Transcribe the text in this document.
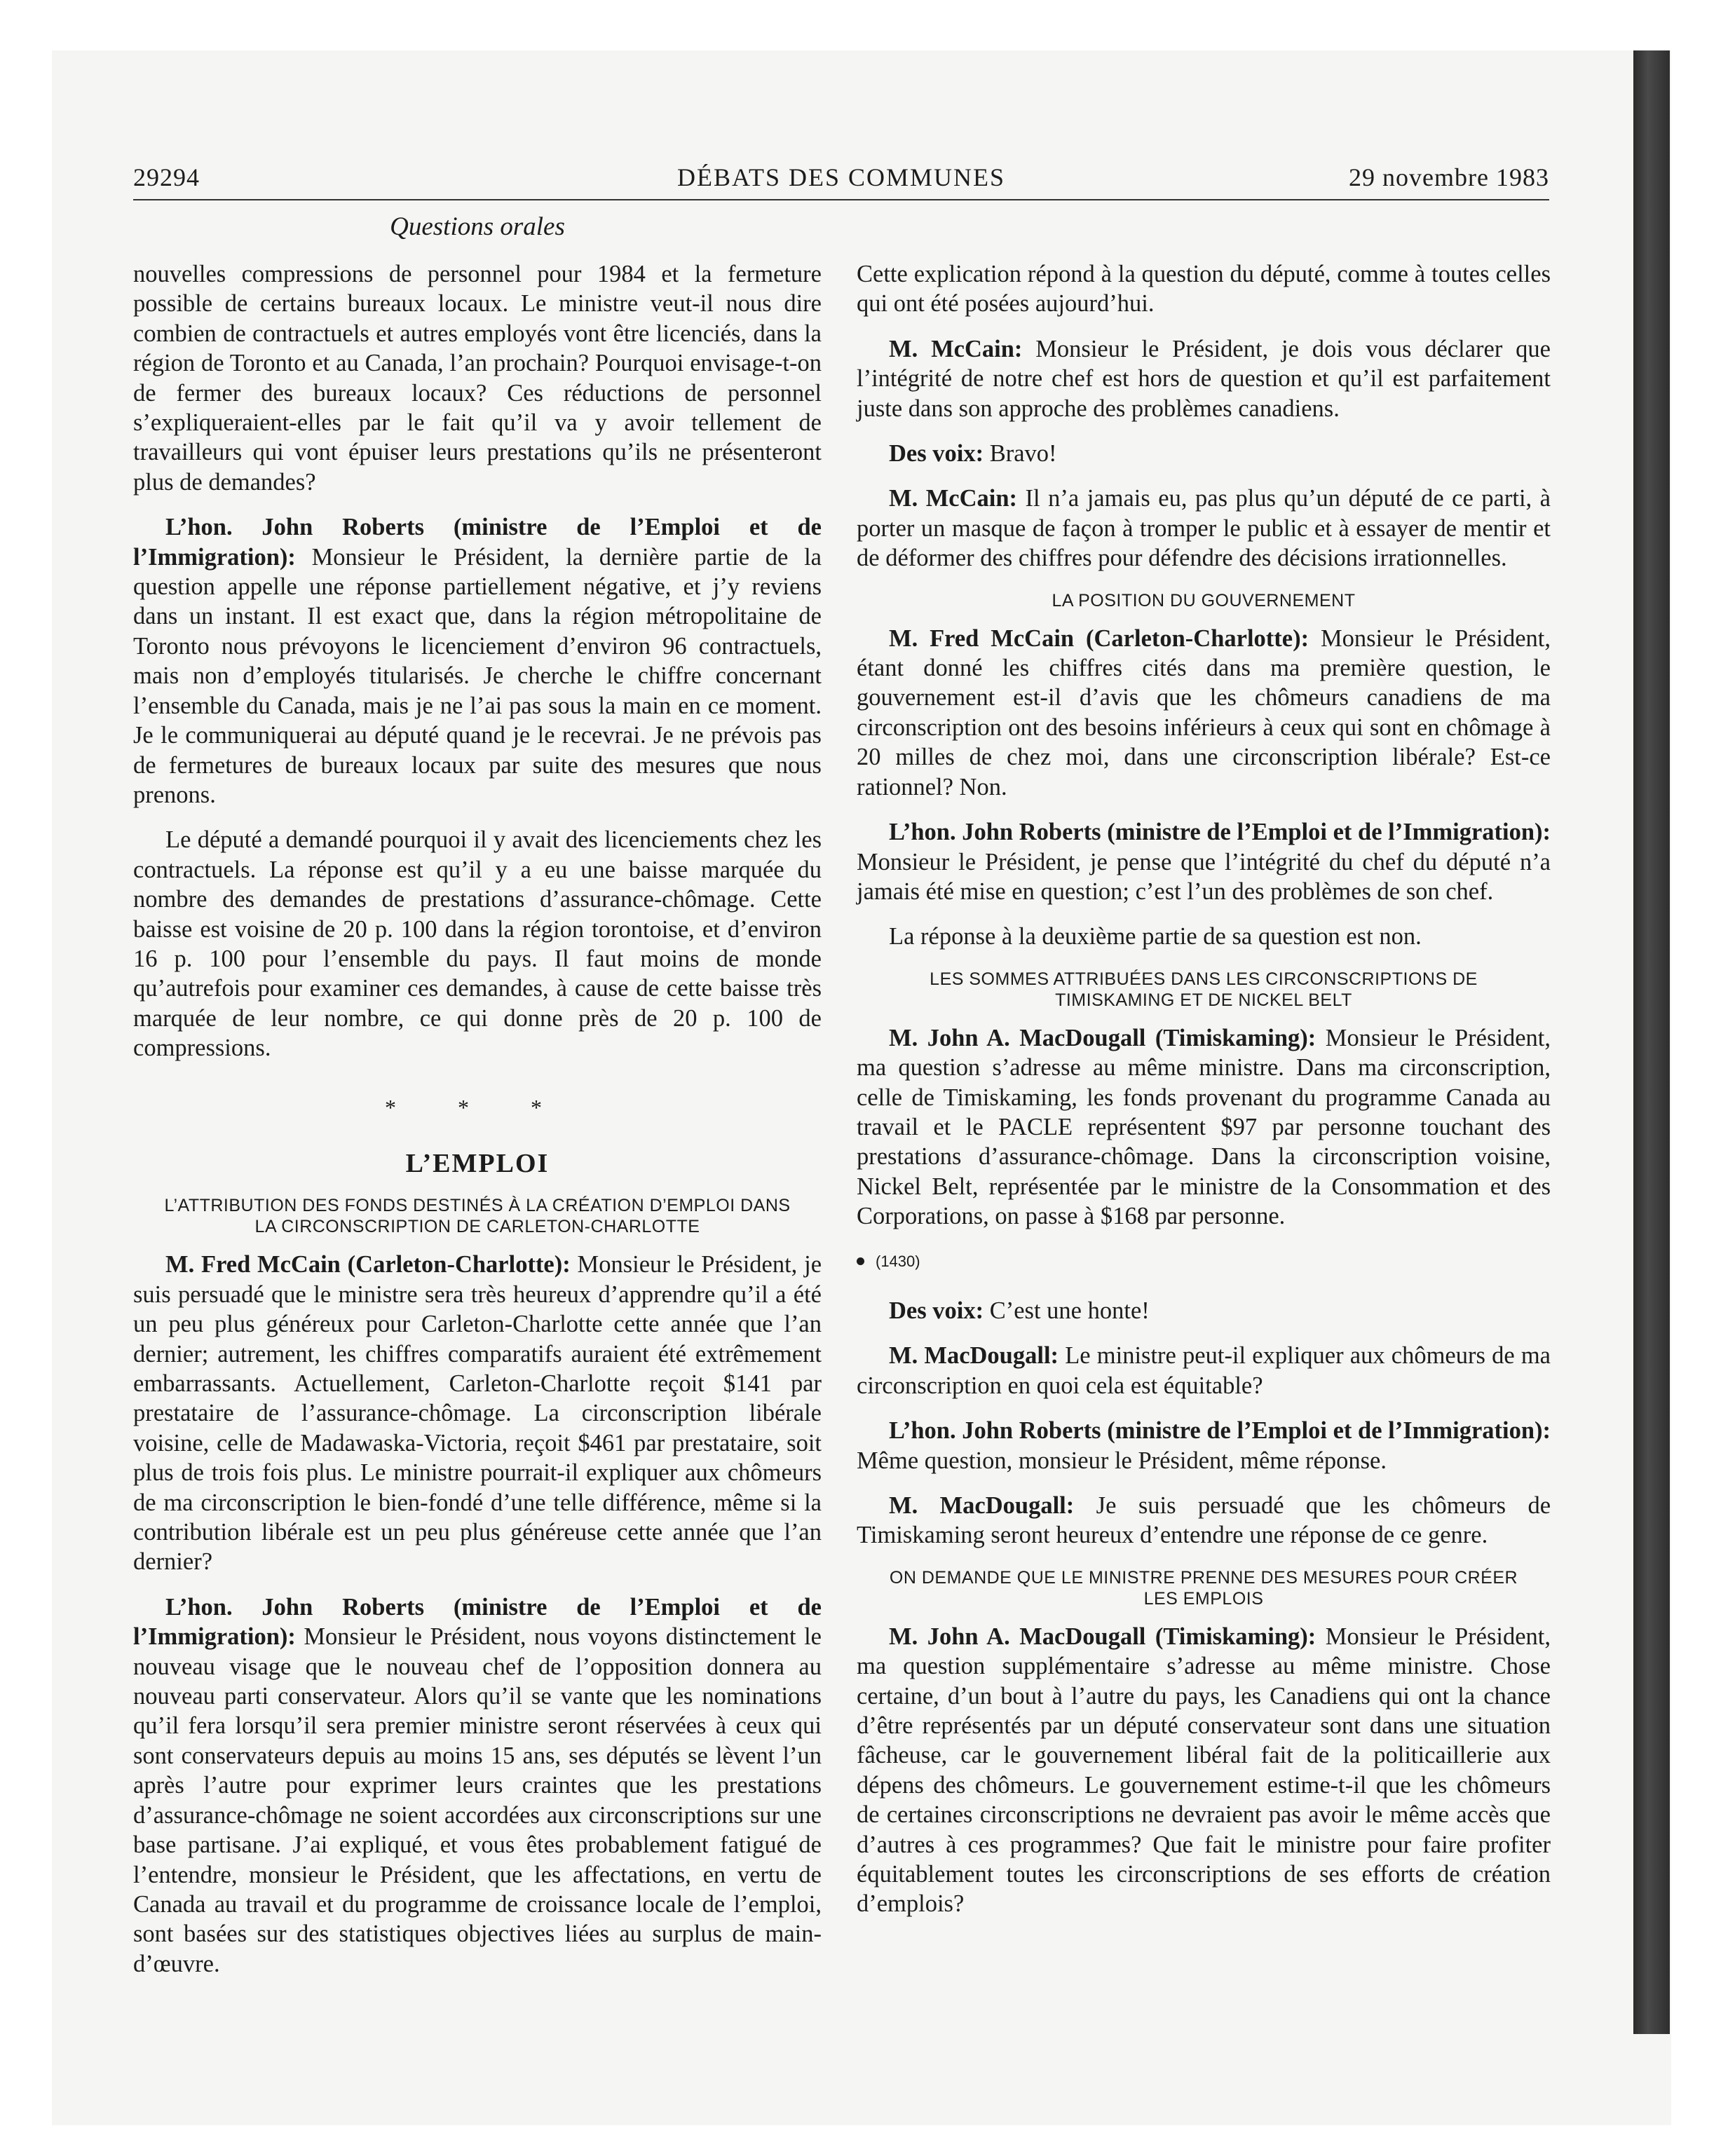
29294	DÉBATS DES COMMUNES	29 novembre 1983
Questions orales

nouvelles compressions de personnel pour 1984 et la fermeture possible de certains bureaux locaux. Le ministre veut-il nous dire combien de contractuels et autres employés vont être licenciés, dans la région de Toronto et au Canada, l’an prochain? Pourquoi envisage-t-on de fermer des bureaux locaux? Ces réductions de personnel s’expliqueraient-elles par le fait qu’il va y avoir tellement de travailleurs qui vont épuiser leurs prestations qu’ils ne présenteront plus de demandes?

L’hon. John Roberts (ministre de l’Emploi et de l’Immigration): Monsieur le Président, la dernière partie de la question appelle une réponse partiellement négative, et j’y reviens dans un instant. Il est exact que, dans la région métropolitaine de Toronto nous prévoyons le licenciement d’environ 96 contractuels, mais non d’employés titularisés. Je cherche le chiffre concernant l’ensemble du Canada, mais je ne l’ai pas sous la main en ce moment. Je le communiquerai au député quand je le recevrai. Je ne prévois pas de fermetures de bureaux locaux par suite des mesures que nous prenons.

Le député a demandé pourquoi il y avait des licenciements chez les contractuels. La réponse est qu’il y a eu une baisse marquée du nombre des demandes de prestations d’assurance-chômage. Cette baisse est voisine de 20 p. 100 dans la région torontoise, et d’environ 16 p. 100 pour l’ensemble du pays. Il faut moins de monde qu’autrefois pour examiner ces demandes, à cause de cette baisse très marquée de leur nombre, ce qui donne près de 20 p. 100 de compressions.

* * *
L’EMPLOI
L’ATTRIBUTION DES FONDS DESTINÉS À LA CRÉATION D’EMPLOI DANS LA CIRCONSCRIPTION DE CARLETON-CHARLOTTE

M. Fred McCain (Carleton-Charlotte): Monsieur le Président, je suis persuadé que le ministre sera très heureux d’apprendre qu’il a été un peu plus généreux pour Carleton-Charlotte cette année que l’an dernier; autrement, les chiffres comparatifs auraient été extrêmement embarrassants. Actuellement, Carleton-Charlotte reçoit $141 par prestataire de l’assurance-chômage. La circonscription libérale voisine, celle de Madawaska-Victoria, reçoit $461 par prestataire, soit plus de trois fois plus. Le ministre pourrait-il expliquer aux chômeurs de ma circonscription le bien-fondé d’une telle différence, même si la contribution libérale est un peu plus généreuse cette année que l’an dernier?

L’hon. John Roberts (ministre de l’Emploi et de l’Immigration): Monsieur le Président, nous voyons distinctement le nouveau visage que le nouveau chef de l’opposition donnera au nouveau parti conservateur. Alors qu’il se vante que les nominations qu’il fera lorsqu’il sera premier ministre seront réservées à ceux qui sont conservateurs depuis au moins 15 ans, ses députés se lèvent l’un après l’autre pour exprimer leurs craintes que les prestations d’assurance-chômage ne soient accordées aux circonscriptions sur une base partisane. J’ai expliqué, et vous êtes probablement fatigué de l’entendre, monsieur le Président, que les affectations, en vertu de Canada au travail et du programme de croissance locale de l’emploi, sont basées sur des statistiques objectives liées au surplus de main-d’œuvre.

Cette explication répond à la question du député, comme à toutes celles qui ont été posées aujourd’hui.

M. McCain: Monsieur le Président, je dois vous déclarer que l’intégrité de notre chef est hors de question et qu’il est parfaitement juste dans son approche des problèmes canadiens.

Des voix: Bravo!

M. McCain: Il n’a jamais eu, pas plus qu’un député de ce parti, à porter un masque de façon à tromper le public et à essayer de mentir et de déformer des chiffres pour défendre des décisions irrationnelles.

LA POSITION DU GOUVERNEMENT

M. Fred McCain (Carleton-Charlotte): Monsieur le Président, étant donné les chiffres cités dans ma première question, le gouvernement est-il d’avis que les chômeurs canadiens de ma circonscription ont des besoins inférieurs à ceux qui sont en chômage à 20 milles de chez moi, dans une circonscription libérale? Est-ce rationnel? Non.

L’hon. John Roberts (ministre de l’Emploi et de l’Immigration): Monsieur le Président, je pense que l’intégrité du chef du député n’a jamais été mise en question; c’est l’un des problèmes de son chef.

La réponse à la deuxième partie de sa question est non.

LES SOMMES ATTRIBUÉES DANS LES CIRCONSCRIPTIONS DE TIMISKAMING ET DE NICKEL BELT

M. John A. MacDougall (Timiskaming): Monsieur le Président, ma question s’adresse au même ministre. Dans ma circonscription, celle de Timiskaming, les fonds provenant du programme Canada au travail et le PACLE représentent $97 par personne touchant des prestations d’assurance-chômage. Dans la circonscription voisine, Nickel Belt, représentée par le ministre de la Consommation et des Corporations, on passe à $168 par personne.

(1430)

Des voix: C’est une honte!

M. MacDougall: Le ministre peut-il expliquer aux chômeurs de ma circonscription en quoi cela est équitable?

L’hon. John Roberts (ministre de l’Emploi et de l’Immigration): Même question, monsieur le Président, même réponse.

M. MacDougall: Je suis persuadé que les chômeurs de Timiskaming seront heureux d’entendre une réponse de ce genre.

ON DEMANDE QUE LE MINISTRE PRENNE DES MESURES POUR CRÉER LES EMPLOIS

M. John A. MacDougall (Timiskaming): Monsieur le Président, ma question supplémentaire s’adresse au même ministre. Chose certaine, d’un bout à l’autre du pays, les Canadiens qui ont la chance d’être représentés par un député conservateur sont dans une situation fâcheuse, car le gouvernement libéral fait de la politicaillerie aux dépens des chômeurs. Le gouvernement estime-t-il que les chômeurs de certaines circonscriptions ne devraient pas avoir le même accès que d’autres à ces programmes? Que fait le ministre pour faire profiter équitablement toutes les circonscriptions de ses efforts de création d’emplois?
